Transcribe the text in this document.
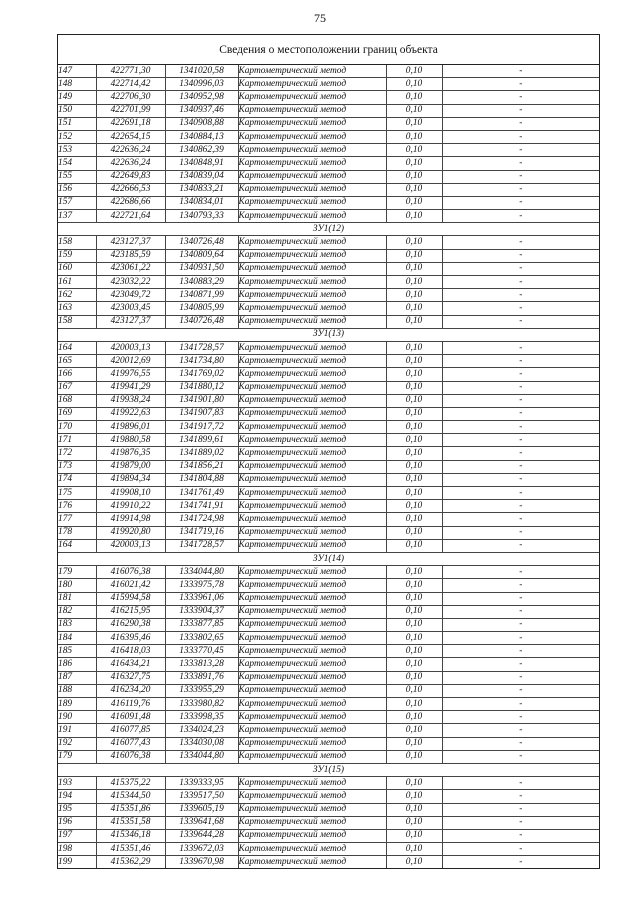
75
Сведения о местоположении границ объекта
147	422771,30	1341020,58	Картометрический метод	0,10	-
148	422714,42	1340996,03	Картометрический метод	0,10	-
149	422706,30	1340952,98	Картометрический метод	0,10	-
150	422701,99	1340937,46	Картометрический метод	0,10	-
151	422691,18	1340908,88	Картометрический метод	0,10	-
152	422654,15	1340884,13	Картометрический метод	0,10	-
153	422636,24	1340862,39	Картометрический метод	0,10	-
154	422636,24	1340848,91	Картометрический метод	0,10	-
155	422649,83	1340839,04	Картометрический метод	0,10	-
156	422666,53	1340833,21	Картометрический метод	0,10	-
157	422686,66	1340834,01	Картометрический метод	0,10	-
137	422721,64	1340793,33	Картометрический метод	0,10	-
ЗУ1(12)					
158	423127,37	1340726,48	Картометрический метод	0,10	-
159	423185,59	1340809,64	Картометрический метод	0,10	-
160	423061,22	1340931,50	Картометрический метод	0,10	-
161	423032,22	1340883,29	Картометрический метод	0,10	-
162	423049,72	1340871,99	Картометрический метод	0,10	-
163	423003,45	1340805,99	Картометрический метод	0,10	-
158	423127,37	1340726,48	Картометрический метод	0,10	-
ЗУ1(13)					
164	420003,13	1341728,57	Картометрический метод	0,10	-
165	420012,69	1341734,80	Картометрический метод	0,10	-
166	419976,55	1341769,02	Картометрический метод	0,10	-
167	419941,29	1341880,12	Картометрический метод	0,10	-
168	419938,24	1341901,80	Картометрический метод	0,10	-
169	419922,63	1341907,83	Картометрический метод	0,10	-
170	419896,01	1341917,72	Картометрический метод	0,10	-
171	419880,58	1341899,61	Картометрический метод	0,10	-
172	419876,35	1341889,02	Картометрический метод	0,10	-
173	419879,00	1341856,21	Картометрический метод	0,10	-
174	419894,34	1341804,88	Картометрический метод	0,10	-
175	419908,10	1341761,49	Картометрический метод	0,10	-
176	419910,22	1341741,91	Картометрический метод	0,10	-
177	419914,98	1341724,98	Картометрический метод	0,10	-
178	419920,80	1341719,16	Картометрический метод	0,10	-
164	420003,13	1341728,57	Картометрический метод	0,10	-
ЗУ1(14)					
179	416076,38	1334044,80	Картометрический метод	0,10	-
180	416021,42	1333975,78	Картометрический метод	0,10	-
181	415994,58	1333961,06	Картометрический метод	0,10	-
182	416215,95	1333904,37	Картометрический метод	0,10	-
183	416290,38	1333877,85	Картометрический метод	0,10	-
184	416395,46	1333802,65	Картометрический метод	0,10	-
185	416418,03	1333770,45	Картометрический метод	0,10	-
186	416434,21	1333813,28	Картометрический метод	0,10	-
187	416327,75	1333891,76	Картометрический метод	0,10	-
188	416234,20	1333955,29	Картометрический метод	0,10	-
189	416119,76	1333980,82	Картометрический метод	0,10	-
190	416091,48	1333998,35	Картометрический метод	0,10	-
191	416077,85	1334024,23	Картометрический метод	0,10	-
192	416077,43	1334030,08	Картометрический метод	0,10	-
179	416076,38	1334044,80	Картометрический метод	0,10	-
ЗУ1(15)					
193	415375,22	1339333,95	Картометрический метод	0,10	-
194	415344,50	1339517,50	Картометрический метод	0,10	-
195	415351,86	1339605,19	Картометрический метод	0,10	-
196	415351,58	1339641,68	Картометрический метод	0,10	-
197	415346,18	1339644,28	Картометрический метод	0,10	-
198	415351,46	1339672,03	Картометрический метод	0,10	-
199	415362,29	1339670,98	Картометрический метод	0,10	-
